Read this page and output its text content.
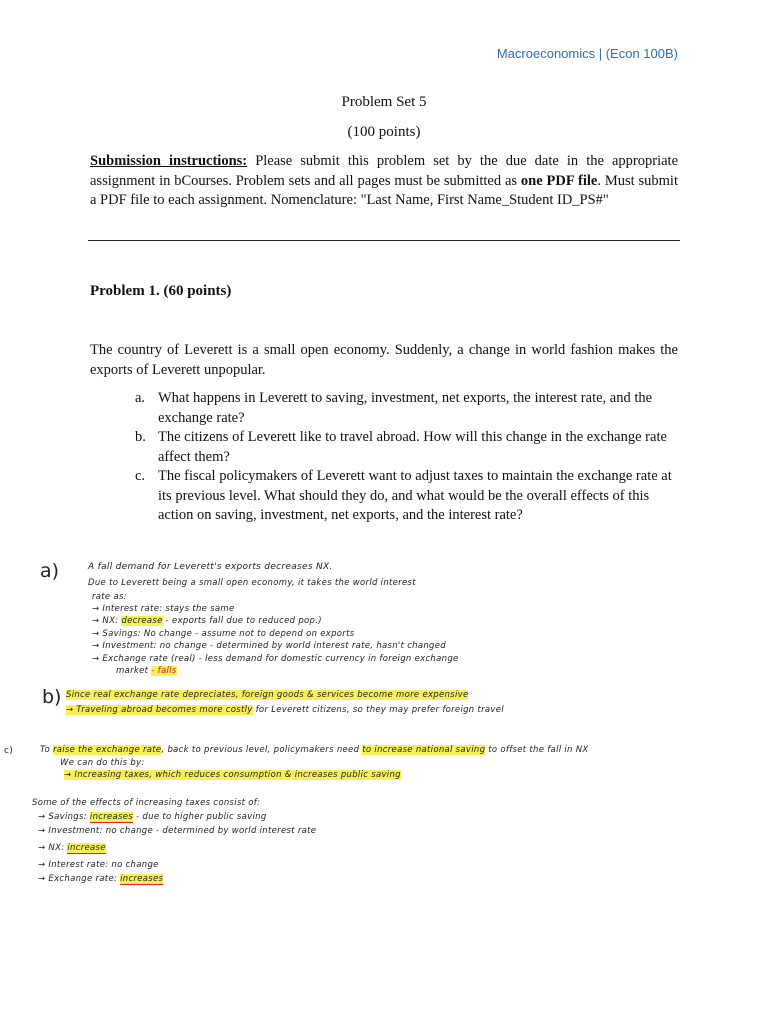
Macroeconomics | (Econ 100B)
Problem Set 5
(100 points)
Submission instructions: Please submit this problem set by the due date in the appropriate assignment in bCourses. Problem sets and all pages must be submitted as one PDF file. Must submit a PDF file to each assignment. Nomenclature: "Last Name, First Name_Student ID_PS#"
Problem 1. (60 points)
The country of Leverett is a small open economy. Suddenly, a change in world fashion makes the exports of Leverett unpopular.
a. What happens in Leverett to saving, investment, net exports, the interest rate, and the exchange rate?
b. The citizens of Leverett like to travel abroad. How will this change in the exchange rate affect them?
c. The fiscal policymakers of Leverett want to adjust taxes to maintain the exchange rate at its previous level. What should they do, and what would be the overall effects of this action on saving, investment, net exports, and the interest rate?
a)	A fall demand for Leverett's exports decreases NX.
Due to Leverett being a small open economy, it takes the world interest
rate as:
→ Interest rate: stays the same
→ NX: decrease - exports fall due to reduced pop.)
→ Savings: No change - assume not to depend on exports
→ Investment: no change - determined by world interest rate, hasn't changed
→ Exchange rate (real) - less demand for domestic currency in foreign exchange
market - falls
b) Since real exchange rate depreciates, foreign goods & services become more expensive
→ Traveling abroad becomes more costly for Leverett citizens, so they may prefer foreign travel
c)	To raise the exchange rate, back to previous level, policymakers need to increase national saving to offset the fall in NX
We can do this by:
→ Increasing taxes, which reduces consumption & increases public saving
Some of the effects of increasing taxes consist of:
→ Savings: increases - due to higher public saving
→ Investment: no change - determined by world interest rate
→ NX: increase
→ Interest rate: no change
→ Exchange rate: increases
